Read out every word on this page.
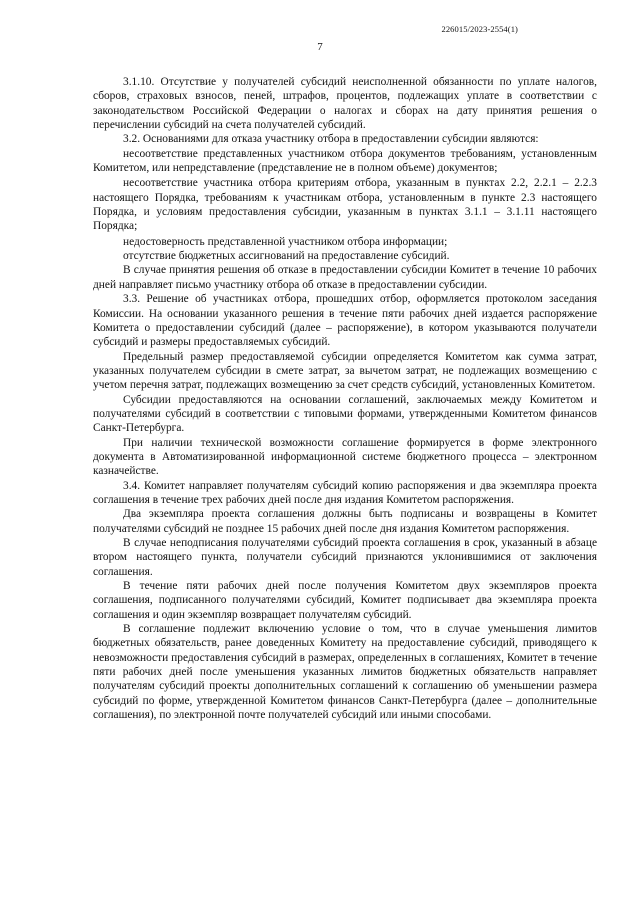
226015/2023-2554(1)
7

3.1.10. Отсутствие у получателей субсидий неисполненной обязанности по уплате налогов, сборов, страховых взносов, пеней, штрафов, процентов, подлежащих уплате в соответствии с законодательством Российской Федерации о налогах и сборах на дату принятия решения о перечислении субсидий на счета получателей субсидий.

3.2. Основаниями для отказа участнику отбора в предоставлении субсидии являются:

несоответствие представленных участником отбора документов требованиям, установленным Комитетом, или непредставление (представление не в полном объеме) документов;

несоответствие участника отбора критериям отбора, указанным в пунктах 2.2, 2.2.1 – 2.2.3 настоящего Порядка, требованиям к участникам отбора, установленным в пункте 2.3 настоящего Порядка, и условиям предоставления субсидии, указанным в пунктах 3.1.1 – 3.1.11 настоящего Порядка;

недостоверность представленной участником отбора информации;

отсутствие бюджетных ассигнований на предоставление субсидий.

В случае принятия решения об отказе в предоставлении субсидии Комитет в течение 10 рабочих дней направляет письмо участнику отбора об отказе в предоставлении субсидии.

3.3. Решение об участниках отбора, прошедших отбор, оформляется протоколом заседания Комиссии. На основании указанного решения в течение пяти рабочих дней издается распоряжение Комитета о предоставлении субсидий (далее – распоряжение), в котором указываются получатели субсидий и размеры предоставляемых субсидий.

Предельный размер предоставляемой субсидии определяется Комитетом как сумма затрат, указанных получателем субсидии в смете затрат, за вычетом затрат, не подлежащих возмещению с учетом перечня затрат, подлежащих возмещению за счет средств субсидий, установленных Комитетом.

Субсидии предоставляются на основании соглашений, заключаемых между Комитетом и получателями субсидий в соответствии с типовыми формами, утвержденными Комитетом финансов Санкт-Петербурга.

При наличии технической возможности соглашение формируется в форме электронного документа в Автоматизированной информационной системе бюджетного процесса – электронном казначействе.

3.4. Комитет направляет получателям субсидий копию распоряжения и два экземпляра проекта соглашения в течение трех рабочих дней после дня издания Комитетом распоряжения.

Два экземпляра проекта соглашения должны быть подписаны и возвращены в Комитет получателями субсидий не позднее 15 рабочих дней после дня издания Комитетом распоряжения.

В случае неподписания получателями субсидий проекта соглашения в срок, указанный в абзаце втором настоящего пункта, получатели субсидий признаются уклонившимися от заключения соглашения.

В течение пяти рабочих дней после получения Комитетом двух экземпляров проекта соглашения, подписанного получателями субсидий, Комитет подписывает два экземпляра проекта соглашения и один экземпляр возвращает получателям субсидий.

В соглашение подлежит включению условие о том, что в случае уменьшения лимитов бюджетных обязательств, ранее доведенных Комитету на предоставление субсидий, приводящего к невозможности предоставления субсидий в размерах, определенных в соглашениях, Комитет в течение пяти рабочих дней после уменьшения указанных лимитов бюджетных обязательств направляет получателям субсидий проекты дополнительных соглашений к соглашению об уменьшении размера субсидий по форме, утвержденной Комитетом финансов Санкт-Петербурга (далее – дополнительные соглашения), по электронной почте получателей субсидий или иными способами.
